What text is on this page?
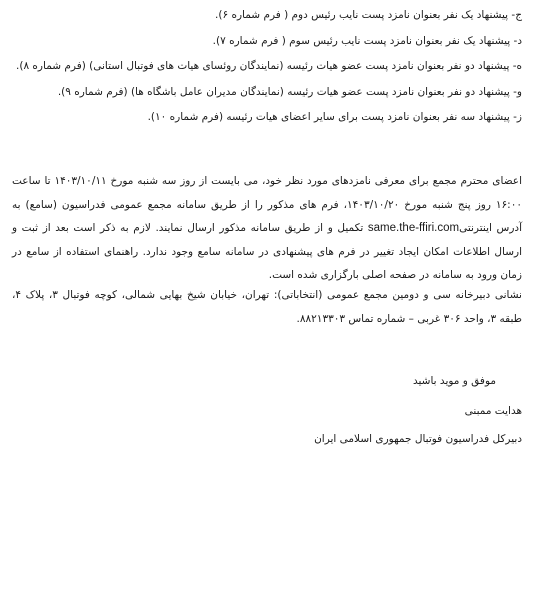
ج- پیشنهاد یک نفر بعنوان نامزد پست نایب رئیس دوم ( فرم شماره ۶).
د- پیشنهاد یک نفر بعنوان نامزد پست نایب رئیس سوم ( فرم شماره ۷).
ه- پیشنهاد دو نفر بعنوان نامزد پست عضو هیات رئیسه (نمایندگان روئسای هیات های فوتبال استانی) (فرم شماره ۸).
و- پیشنهاد دو نفر بعنوان نامزد پست عضو هیات رئیسه (نمایندگان مدیران عامل باشگاه ها) (فرم شماره ۹).
ز- پیشنهاد سه نفر بعنوان نامزد پست برای سایر اعضای هیات رئیسه (فرم شماره ۱۰).
اعضای محترم مجمع برای معرفی نامزدهای مورد نظر خود، می بایست از روز سه شنبه مورخ ۱۴۰۳/۱۰/۱۱ تا ساعت ۱۶:۰۰ روز پنج شنبه مورخ ۱۴۰۳/۱۰/۲۰، فرم های مذکور را از طریق سامانه مجمع عمومی فدراسیون (سامع) به آدرس اینترنتیsame.the-ffiri.com تکمیل و از طریق سامانه مذکور ارسال نمایند. لازم به ذکر است بعد از ثبت و ارسال اطلاعات امکان ایجاد تغییر در فرم های پیشنهادی در سامانه سامع وجود ندارد. راهنمای استفاده از سامع در زمان ورود به سامانه در صفحه اصلی بارگزاری شده است.
نشانی دبیرخانه سی و دومین مجمع عمومی (انتخاباتی): تهران، خیابان شیخ بهایی شمالی، کوچه فوتبال ۳، پلاک ۴، طبقه ۳، واحد ۳۰۶ غربی – شماره تماس ۸۸۲۱۳۳۰۳.
موفق و موید باشید
هدایت ممبنی
دبیرکل فدراسیون فوتبال جمهوری اسلامی ایران
